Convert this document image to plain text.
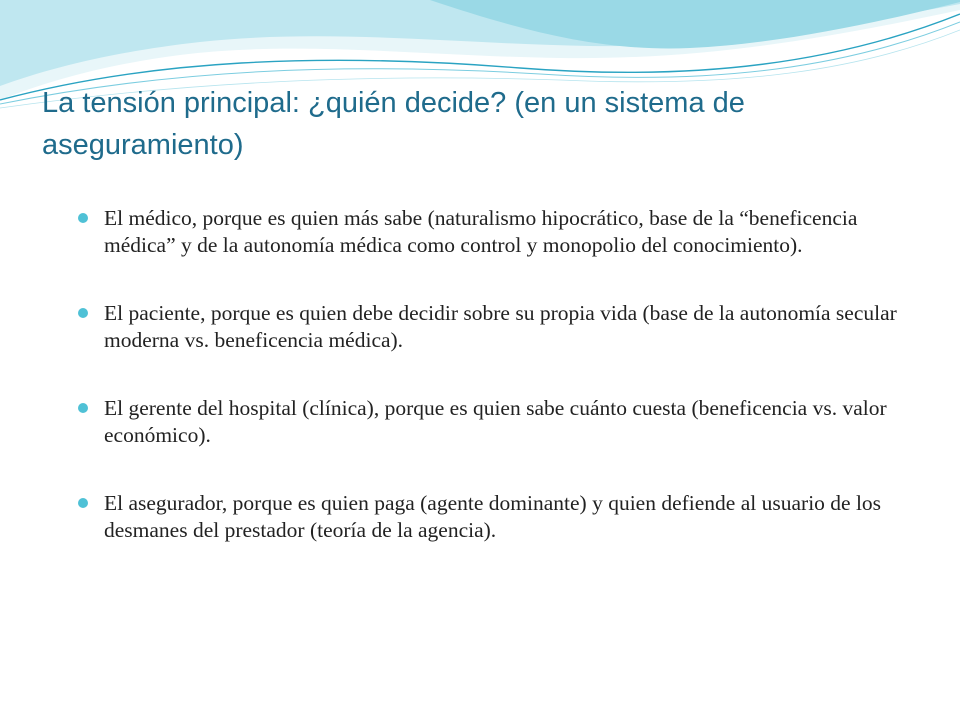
La tensión principal: ¿quién decide? (en un sistema de aseguramiento)
El médico, porque es quien más sabe (naturalismo hipocrático, base de la “beneficencia médica” y de la autonomía médica como control y monopolio del conocimiento).
El paciente, porque es quien debe decidir sobre su propia vida (base de la autonomía secular moderna vs. beneficencia médica).
El gerente del hospital (clínica), porque es quien sabe cuánto cuesta (beneficencia vs. valor económico).
El asegurador, porque es quien paga (agente dominante) y quien defiende al usuario de los desmanes del prestador (teoría de la agencia).
